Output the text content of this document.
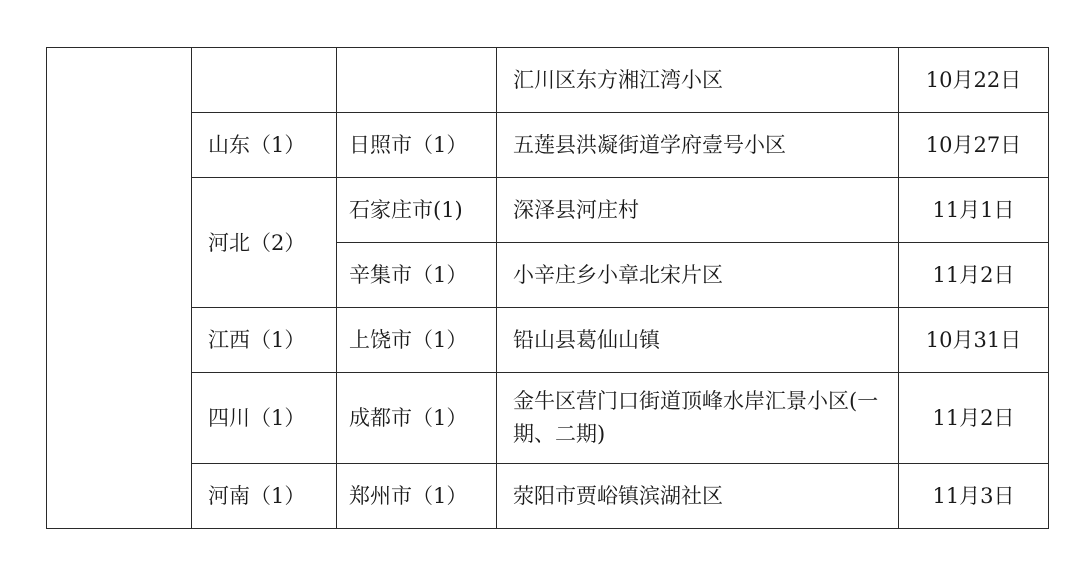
			汇川区东方湘江湾小区	10月22日
	山东（1）	日照市（1）	五莲县洪凝街道学府壹号小区	10月27日
	河北（2）	石家庄市(1)	深泽县河庄村	11月1日
		辛集市（1）	小辛庄乡小章北宋片区	11月2日
	江西（1）	上饶市（1）	铅山县葛仙山镇	10月31日
	四川（1）	成都市（1）	金牛区营门口街道顶峰水岸汇景小区(一期、二期)	11月2日
	河南（1）	郑州市（1）	荥阳市贾峪镇滨湖社区	11月3日
